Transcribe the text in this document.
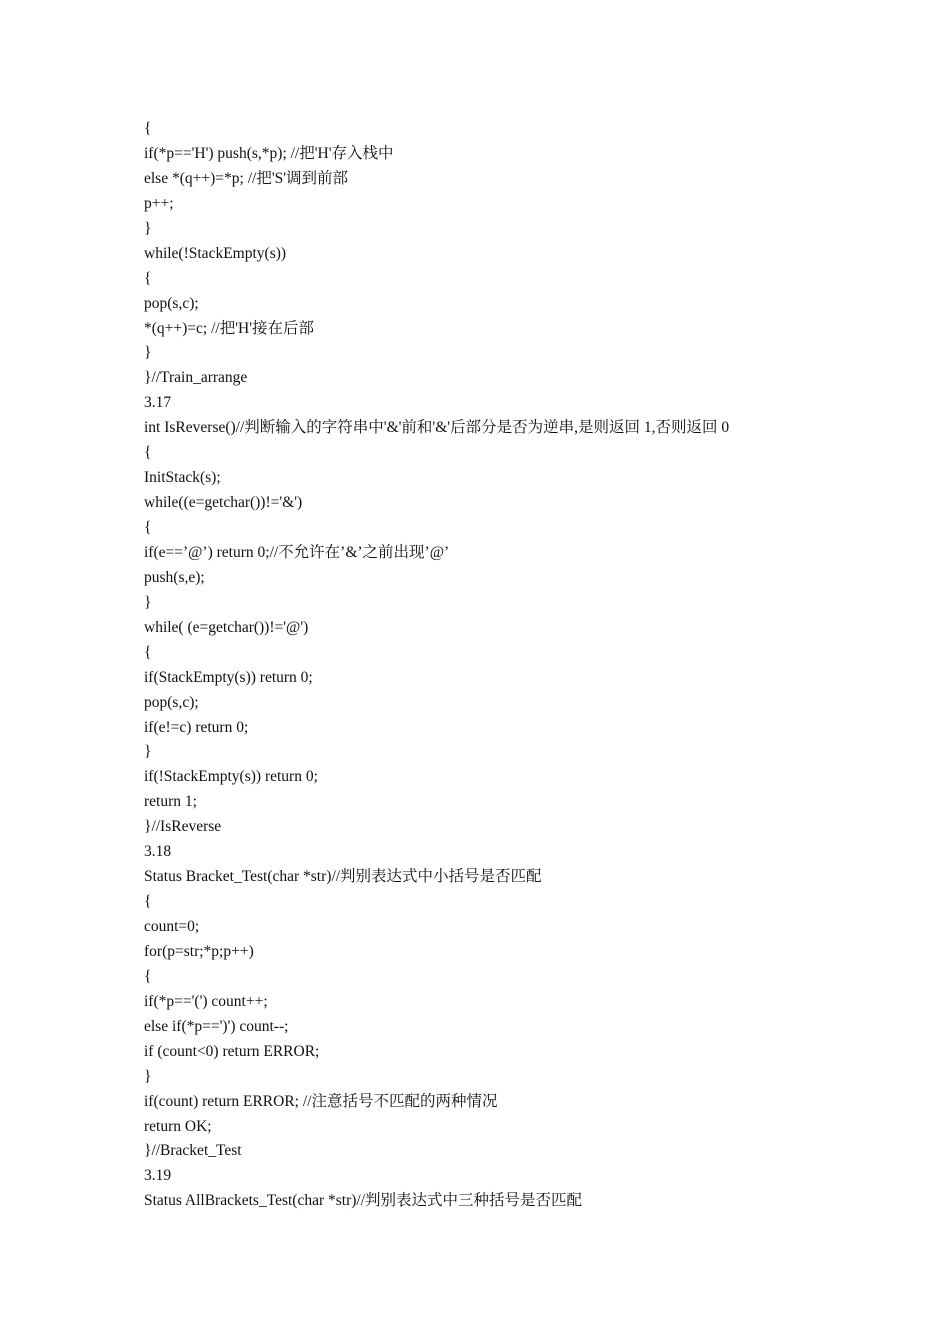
{
if(*p=='H') push(s,*p); //把'H'存入栈中
else *(q++)=*p; //把'S'调到前部
p++;
}
while(!StackEmpty(s))
{
pop(s,c);
*(q++)=c; //把'H'接在后部
}
}//Train_arrange
3.17
int IsReverse()//判断输入的字符串中'&'前和'&'后部分是否为逆串,是则返回 1,否则返回 0
{
InitStack(s);
while((e=getchar())!='&')
{
if(e==’@’) return 0;//不允许在’&’之前出现’@’
push(s,e);
}
while( (e=getchar())!='@')
{
if(StackEmpty(s)) return 0;
pop(s,c);
if(e!=c) return 0;
}
if(!StackEmpty(s)) return 0;
return 1;
}//IsReverse
3.18
Status Bracket_Test(char *str)//判别表达式中小括号是否匹配
{
count=0;
for(p=str;*p;p++)
{
if(*p=='(') count++;
else if(*p==')') count--;
if (count<0) return ERROR;
}
if(count) return ERROR; //注意括号不匹配的两种情况
return OK;
}//Bracket_Test
3.19
Status AllBrackets_Test(char *str)//判别表达式中三种括号是否匹配
